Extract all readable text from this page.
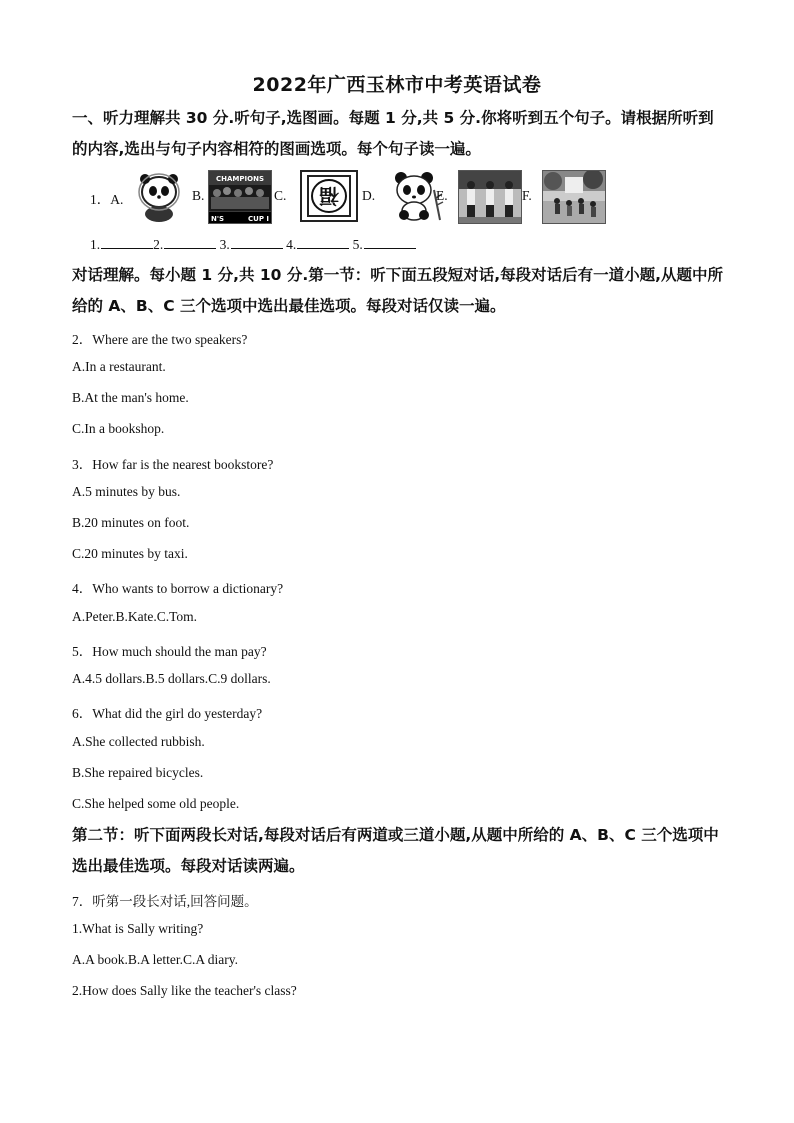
2022年广西玉林市中考英语试卷
一、听力理解共 30 分.听句子,选图画。每题 1 分,共 5 分.你将听到五个句子。请根据所听到的内容,选出与句子内容相符的图画选项。每个句子读一遍。
1．A.	B.
CHAMPIONS
N'S	CUP I
C. 福 D.	E.	F.
1.	2.	3.	4.	5.
对话理解。每小题 1 分,共 10 分.第一节：听下面五段短对话,每段对话后有一道小题,从题中所给的 A、B、C 三个选项中选出最佳选项。每段对话仅读一遍。
2．Where are the two speakers?
A.In a restaurant.
B.At the man's home.
C.In a bookshop.
3．How far is the nearest bookstore?
A.5 minutes by bus.
B.20 minutes on foot.
C.20 minutes by taxi.
4．Who wants to borrow a dictionary?
A.Peter.B.Kate.C.Tom.
5．How much should the man pay?
A.4.5 dollars.B.5 dollars.C.9 dollars.
6．What did the girl do yesterday?
A.She collected rubbish.
B.She repaired bicycles.
C.She helped some old people.
第二节：听下面两段长对话,每段对话后有两道或三道小题,从题中所给的 A、B、C 三个选项中选出最佳选项。每段对话读两遍。
7．听第一段长对话,回答问题。
1.What is Sally writing?
A.A book.B.A letter.C.A diary.
2.How does Sally like the teacher's class?
